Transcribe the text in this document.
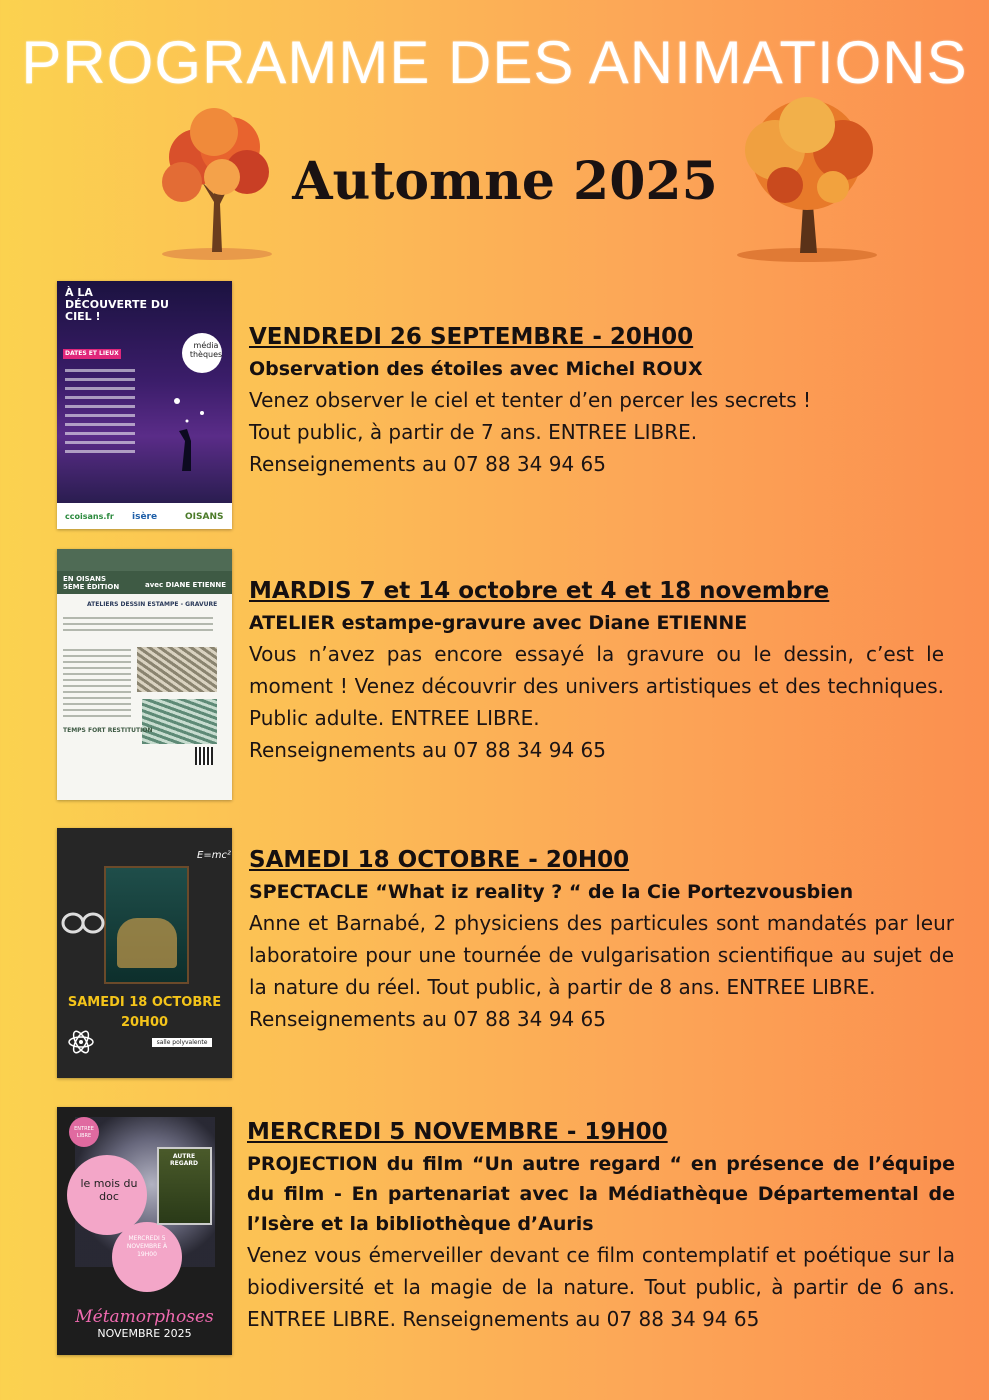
PROGRAMME DES ANIMATIONS
Automne 2025
À LA DÉCOUVERTE DU CIEL !
DATES ET LIEUX
média thèques
ccoisans.fr isère	OISANS
VENDREDI 26 SEPTEMBRE - 20H00
Observation des étoiles avec Michel ROUX
Venez observer le ciel et tenter d’en percer les secrets ! Tout public, à partir de 7 ans. ENTREE LIBRE.
Renseignements au 07 88 34 94 65
EN OISANS 5ÈME ÉDITION	avec DIANE ETIENNE
ATELIERS DESSIN ESTAMPE - GRAVURE
TEMPS FORT RESTITUTION
MARDIS 7 et 14 octobre et 4 et 18 novembre
ATELIER estampe-gravure avec Diane ETIENNE
Vous n’avez pas encore essayé la gravure ou le dessin, c’est le moment ! Venez découvrir des univers artistiques et des techniques. Public adulte. ENTREE LIBRE.
Renseignements au 07 88 34 94 65
E=mc²
SAMEDI 18 OCTOBRE
20H00
salle polyvalente
SAMEDI 18 OCTOBRE - 20H00
SPECTACLE “What iz reality ? “ de la Cie Portezvousbien
Anne et Barnabé, 2 physiciens des particules sont mandatés par leur laboratoire pour une tournée de vulgarisation scientifique au sujet de la nature du réel. Tout public, à partir de 8 ans. ENTREE LIBRE.
Renseignements au 07 88 34 94 65
ENTREE LIBRE
le mois du doc
AUTRE REGARD
MERCREDI 5 NOVEMBRE À 19H00
Métamorphoses
NOVEMBRE 2025
MERCREDI 5 NOVEMBRE - 19H00
PROJECTION du film “Un autre regard “ en présence de l’équipe du film - En partenariat avec la Médiathèque Départemental de l’Isère et la bibliothèque d’Auris
Venez vous émerveiller devant ce film contemplatif et poétique sur la biodiversité et la magie de la nature. Tout public, à partir de 6 ans. ENTREE LIBRE. Renseignements au 07 88 34 94 65
